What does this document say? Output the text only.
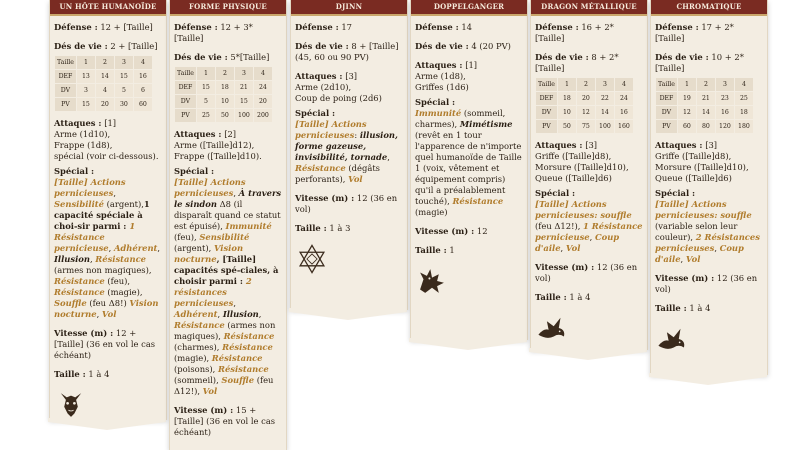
UN HÔTE HUMANOÏDE
Défense : 12 + [Taille]
Dés de vie : 2 + [Taille]
Taille	1	2	3	4
DEF	13	14	15	16
DV	3	4	5	6
PV	15	20	30	60
Attaques : [1]
Arme (1d10),
Frappe (1d8),
spécial (voir ci-dessous).
Spécial :
[Taille] Actions pernicieuses, Sensibilité (argent),1 capacité spéciale à choi-sir parmi : 1 Résistance pernicieuse, Adhérent, Illusion, Résistance (armes non magiques), Résistance (feu), Résistance (magie), Souffle (feu Δ8!) Vision nocturne, Vol
Vitesse (m) : 12 + [Taille] (36 en vol le cas échéant)
Taille : 1 à 4
FORME PHYSIQUE
Défense : 12 + 3*[Taille]
Dés de vie : 5*[Taille]
Taille	1	2	3	4
DEF	15	18	21	24
DV	5	10	15	20
PV	25	50	100	200
Attaques : [2]
Arme ([Taille]d12),
Frappe ([Taille]d10).
Spécial :
[Taille] Actions pernicieuses, À travers le sindon Δ8 (il disparaît quand ce statut est épuisé), Immunité (feu), Sensibilité (argent), Vision nocturne, [Taille] capacités spé-ciales, à choisir parmi : 2 résistances pernicieuses, Adhérent, Illusion, Résistance (armes non magiques), Résistance (charmes), Résistance (magie), Résistance (poisons), Résistance (sommeil), Souffle (feu Δ12!), Vol
Vitesse (m) : 15 + [Taille] (36 en vol le cas échéant)
DJINN
Défense : 17
Dés de vie : 8 + [Taille] (45, 60 ou 90 PV)
Attaques : [3]
Arme (2d10),
Coup de poing (2d6)
Spécial :
[Taille] Actions pernicieuses: illusion, forme gazeuse, invisibilité, tornade, Résistance (dégâts perforants), Vol
Vitesse (m) : 12 (36 en vol)
Taille : 1 à 3
DOPPELGANGER
Défense : 14
Dés de vie : 4 (20 PV)
Attaques : [1]
Arme (1d8),
Griffes (1d6)
Spécial :
Immunité (sommeil, charmes), Mimétisme (revêt en 1 tour l'apparence de n'importe quel humanoïde de Taille 1 (voix, vêtement et équipement compris) qu'il a préalablement touché), Résistance (magie)
Vitesse (m) : 12
Taille : 1
DRAGON MÉTALLIQUE
Défense : 16 + 2* [Taille]
Dés de vie : 8 + 2*[Taille]
Taille	1	2	3	4
DEF	18	20	22	24
DV	10	12	14	16
PV	50	75	100	160
Attaques : [3]
Griffe ([Taille]d8),
Morsure ([Taille]d10),
Queue ([Taille]d6)
Spécial :
[Taille] Actions pernicieuses: souffle (feu Δ12!), 1 Résistance pernicieuse, Coup d'aile, Vol
Vitesse (m) : 12 (36 en vol)
Taille : 1 à 4
CHROMATIQUE
Défense : 17 + 2* [Taille]
Dés de vie : 10 + 2* [Taille]
Taille	1	2	3	4
DEF	19	21	23	25
DV	12	14	16	18
PV	60	80	120	180
Attaques : [3]
Griffe ([Taille]d8),
Morsure ([Taille]d10),
Queue ([Taille]d6)
Spécial :
[Taille] Actions pernicieuses: souffle (variable selon leur couleur), 2 Résistances pernicieuses, Coup d'aile, Vol
Vitesse (m) : 12 (36 en vol)
Taille : 1 à 4
